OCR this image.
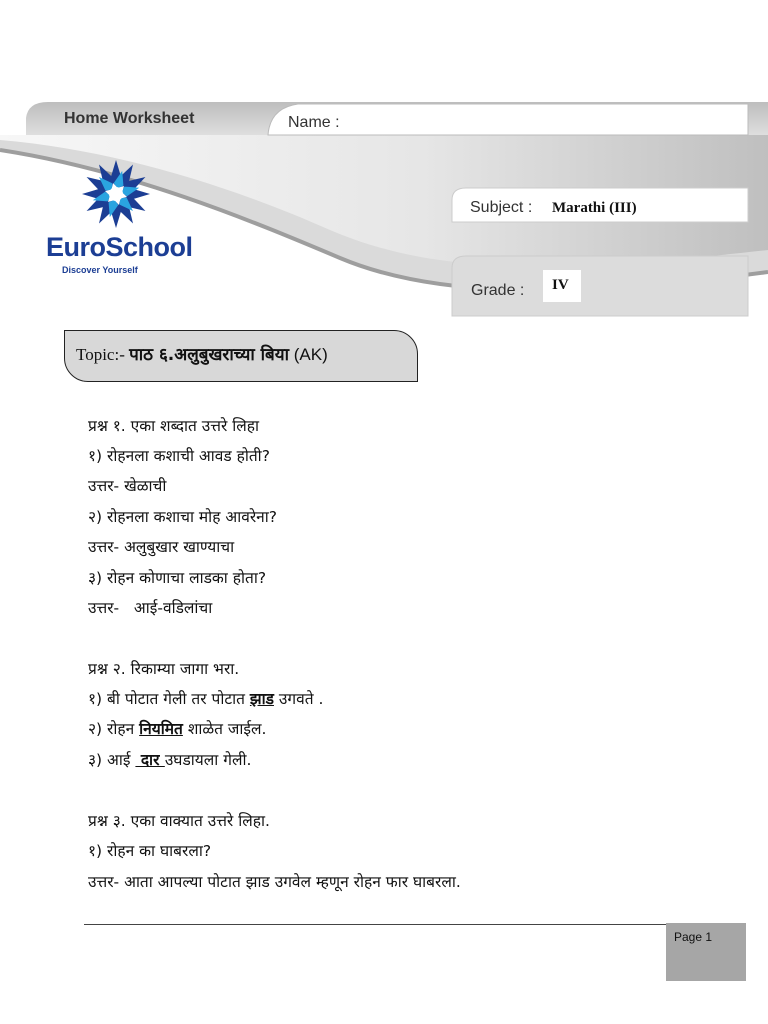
Home Worksheet	Name :
Subject : Marathi (III)
Grade : IV
EuroSchool
Discover Yourself
Topic:- पाठ ६.अलुबुखराच्या बिया (AK)
प्रश्न १. एका शब्दात उत्तरे लिहा
१) रोहनला कशाची आवड होती?
उत्तर- खेळाची
२) रोहनला कशाचा मोह आवरेना?
उत्तर- अलुबुखार खाण्याचा
३) रोहन कोणाचा लाडका होता?
उत्तर-   आई-वडिलांचा
प्रश्न २. रिकाम्या जागा भरा.
१) बी पोटात गेली तर पोटात झाड उगवते .
२) रोहन नियमित शाळेत जाईल.
३) आई  दार उघडायला गेली.
प्रश्न ३. एका वाक्यात उत्तरे लिहा.
१) रोहन का घाबरला?
उत्तर- आता आपल्या पोटात झाड उगवेल म्हणून रोहन फार घाबरला.
Page 1
